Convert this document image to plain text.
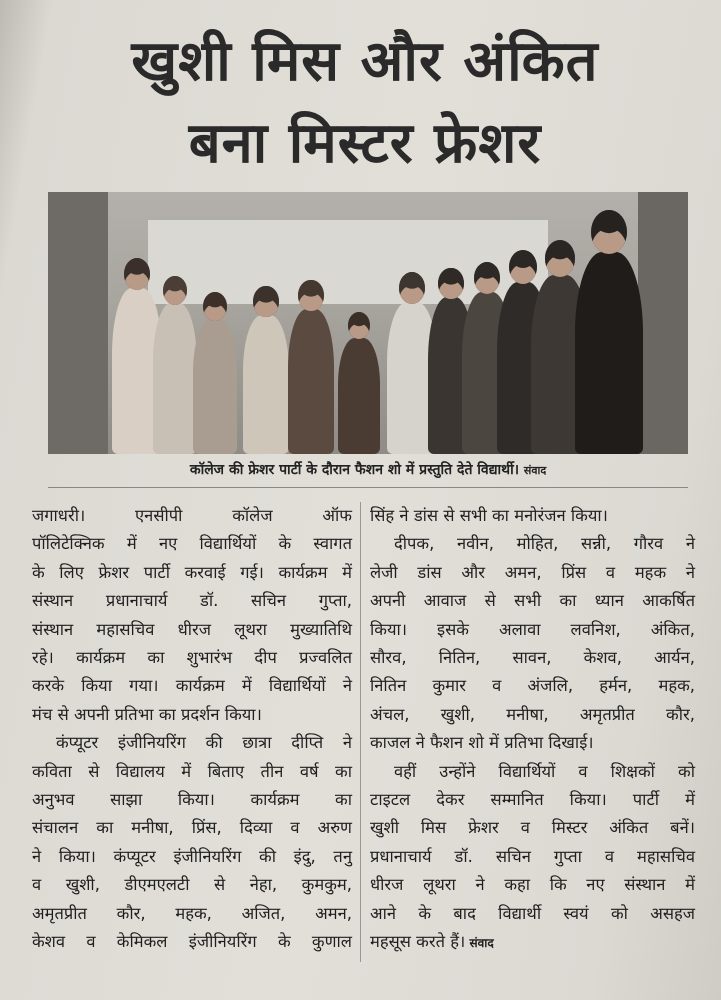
खुशी मिस और अंकित
बना मिस्टर फ्रेशर
कॉलेज की फ्रेशर पार्टी के दौरान फैशन शो में प्रस्तुति देते विद्यार्थी। संवाद

जगाधरी। एनसीपी कॉलेज ऑफ

पॉलिटेक्निक में नए विद्यार्थियों के स्वागत

के लिए फ्रेशर पार्टी करवाई गई। कार्यक्रम में

संस्थान प्रधानाचार्य डॉ. सचिन गुप्ता,

संस्थान महासचिव धीरज लूथरा मुख्यातिथि

रहे। कार्यक्रम का शुभारंभ दीप प्रज्वलित

करके किया गया। कार्यक्रम में विद्यार्थियों ने

मंच से अपनी प्रतिभा का प्रदर्शन किया।

कंप्यूटर इंजीनियरिंग की छात्रा दीप्ति ने

कविता से विद्यालय में बिताए तीन वर्ष का

अनुभव साझा किया। कार्यक्रम का

संचालन का मनीषा, प्रिंस, दिव्या व अरुण

ने किया। कंप्यूटर इंजीनियरिंग की इंदु, तनु

व खुशी, डीएमएलटी से नेहा, कुमकुम,

अमृतप्रीत कौर, महक, अजित, अमन,

केशव व केमिकल इंजीनियरिंग के कुणाल

सिंह ने डांस से सभी का मनोरंजन किया।

दीपक, नवीन, मोहित, सन्नी, गौरव ने

लेजी डांस और अमन, प्रिंस व महक ने

अपनी आवाज से सभी का ध्यान आकर्षित

किया। इसके अलावा लवनिश, अंकित,

सौरव, नितिन, सावन, केशव, आर्यन,

नितिन कुमार व अंजलि, हर्मन, महक,

अंचल, खुशी, मनीषा, अमृतप्रीत कौर,

काजल ने फैशन शो में प्रतिभा दिखाई।

वहीं उन्होंने विद्यार्थियों व शिक्षकों को

टाइटल देकर सम्मानित किया। पार्टी में

खुशी मिस फ्रेशर व मिस्टर अंकित बनें।

प्रधानाचार्य डॉ. सचिन गुप्ता व महासचिव

धीरज लूथरा ने कहा कि नए संस्थान में

आने के बाद विद्यार्थी स्वयं को असहज

महसूस करते हैं। संवाद
